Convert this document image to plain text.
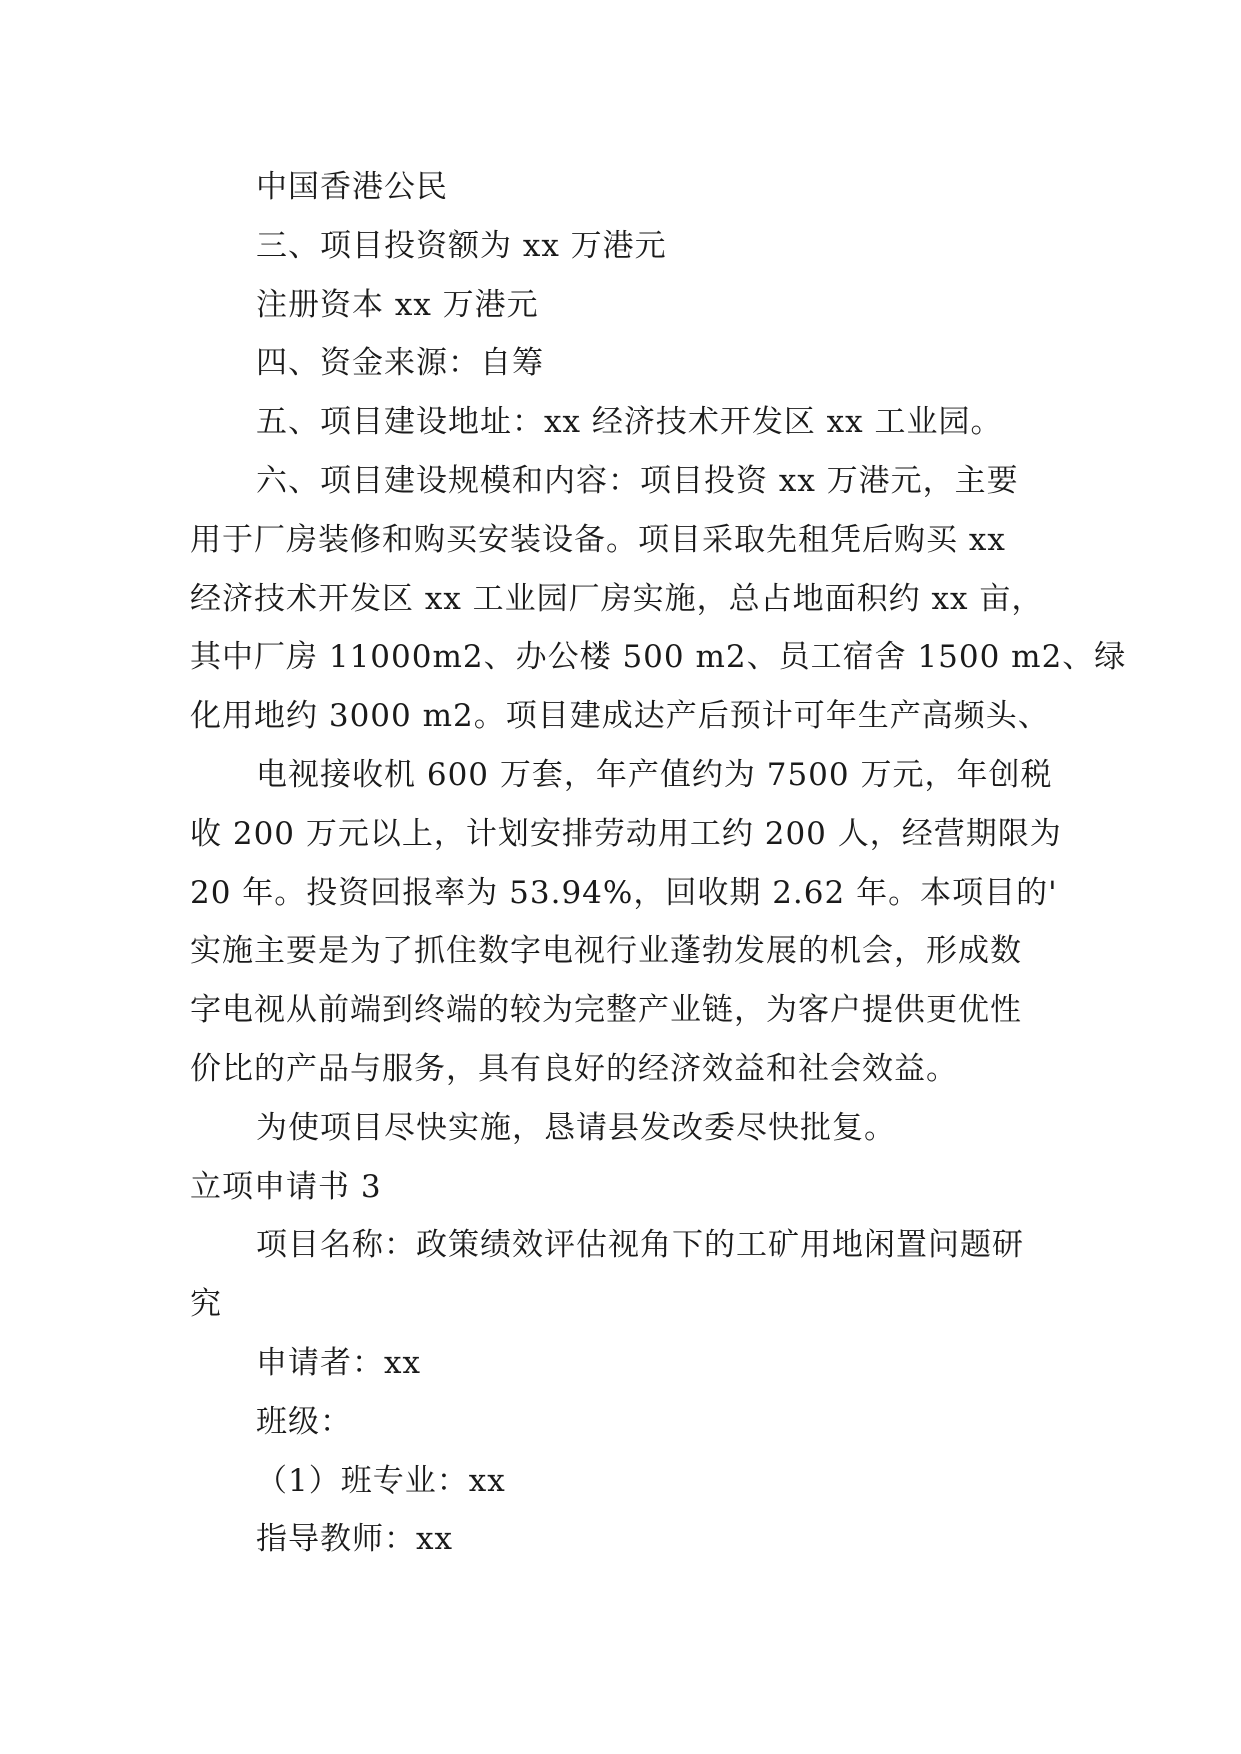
中国香港公民
三、项目投资额为 xx 万港元
注册资本 xx 万港元
四、资金来源：自筹
五、项目建设地址：xx 经济技术开发区 xx 工业园。
六、项目建设规模和内容：项目投资 xx 万港元，主要
用于厂房装修和购买安装设备。项目采取先租凭后购买 xx
经济技术开发区 xx 工业园厂房实施，总占地面积约 xx 亩，
其中厂房 11000m2、办公楼 500 m2、员工宿舍 1500 m2、绿
化用地约 3000 m2。项目建成达产后预计可年生产高频头、
电视接收机 600 万套，年产值约为 7500 万元，年创税
收 200 万元以上，计划安排劳动用工约 200 人，经营期限为
20 年。投资回报率为 53.94%，回收期 2.62 年。本项目的'
实施主要是为了抓住数字电视行业蓬勃发展的机会，形成数
字电视从前端到终端的较为完整产业链，为客户提供更优性
价比的产品与服务，具有良好的经济效益和社会效益。
为使项目尽快实施，恳请县发改委尽快批复。
立项申请书 3
项目名称：政策绩效评估视角下的工矿用地闲置问题研
究
申请者：xx
班级：
（1）班专业：xx
指导教师：xx
